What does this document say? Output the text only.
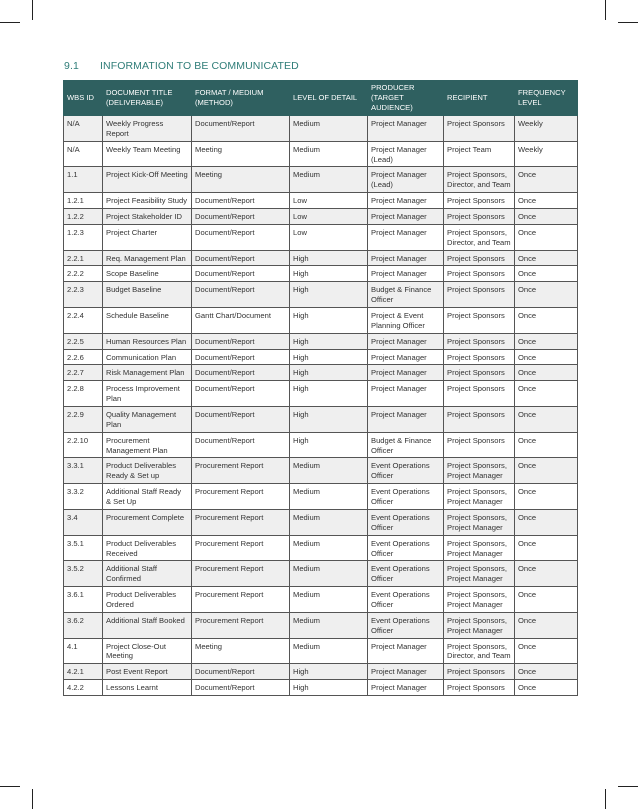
9.1 INFORMATION TO BE COMMUNICATED
WBS ID	DOCUMENT TITLE (DELIVERABLE)	FORMAT / MEDIUM (METHOD)	LEVEL OF DETAIL	PRODUCER (TARGET AUDIENCE)	RECIPIENT	FREQUENCY LEVEL
N/A	Weekly Progress Report	Document/Report	Medium	Project Manager	Project Sponsors	Weekly
N/A	Weekly Team Meeting	Meeting	Medium	Project Manager (Lead)	Project Team	Weekly
1.1	Project Kick-Off Meeting	Meeting	Medium	Project Manager (Lead)	Project Sponsors, Director, and Team	Once
1.2.1	Project Feasibility Study	Document/Report	Low	Project Manager	Project Sponsors	Once
1.2.2	Project Stakeholder ID	Document/Report	Low	Project Manager	Project Sponsors	Once
1.2.3	Project Charter	Document/Report	Low	Project Manager	Project Sponsors, Director, and Team	Once
2.2.1	Req. Management Plan	Document/Report	High	Project Manager	Project Sponsors	Once
2.2.2	Scope Baseline	Document/Report	High	Project Manager	Project Sponsors	Once
2.2.3	Budget Baseline	Document/Report	High	Budget & Finance Officer	Project Sponsors	Once
2.2.4	Schedule Baseline	Gantt Chart/Document	High	Project & Event Planning Officer	Project Sponsors	Once
2.2.5	Human Resources Plan	Document/Report	High	Project Manager	Project Sponsors	Once
2.2.6	Communication Plan	Document/Report	High	Project Manager	Project Sponsors	Once
2.2.7	Risk Management Plan	Document/Report	High	Project Manager	Project Sponsors	Once
2.2.8	Process Improvement Plan	Document/Report	High	Project Manager	Project Sponsors	Once
2.2.9	Quality Management Plan	Document/Report	High	Project Manager	Project Sponsors	Once
2.2.10	Procurement Management Plan	Document/Report	High	Budget & Finance Officer	Project Sponsors	Once
3.3.1	Product Deliverables Ready & Set up	Procurement Report	Medium	Event Operations Officer	Project Sponsors, Project Manager	Once
3.3.2	Additional Staff Ready & Set Up	Procurement Report	Medium	Event Operations Officer	Project Sponsors, Project Manager	Once
3.4	Procurement Complete	Procurement Report	Medium	Event Operations Officer	Project Sponsors, Project Manager	Once
3.5.1	Product Deliverables Received	Procurement Report	Medium	Event Operations Officer	Project Sponsors, Project Manager	Once
3.5.2	Additional Staff Confirmed	Procurement Report	Medium	Event Operations Officer	Project Sponsors, Project Manager	Once
3.6.1	Product Deliverables Ordered	Procurement Report	Medium	Event Operations Officer	Project Sponsors, Project Manager	Once
3.6.2	Additional Staff Booked	Procurement Report	Medium	Event Operations Officer	Project Sponsors, Project Manager	Once
4.1	Project Close-Out Meeting	Meeting	Medium	Project Manager	Project Sponsors, Director, and Team	Once
4.2.1	Post Event Report	Document/Report	High	Project Manager	Project Sponsors	Once
4.2.2	Lessons Learnt	Document/Report	High	Project Manager	Project Sponsors	Once
